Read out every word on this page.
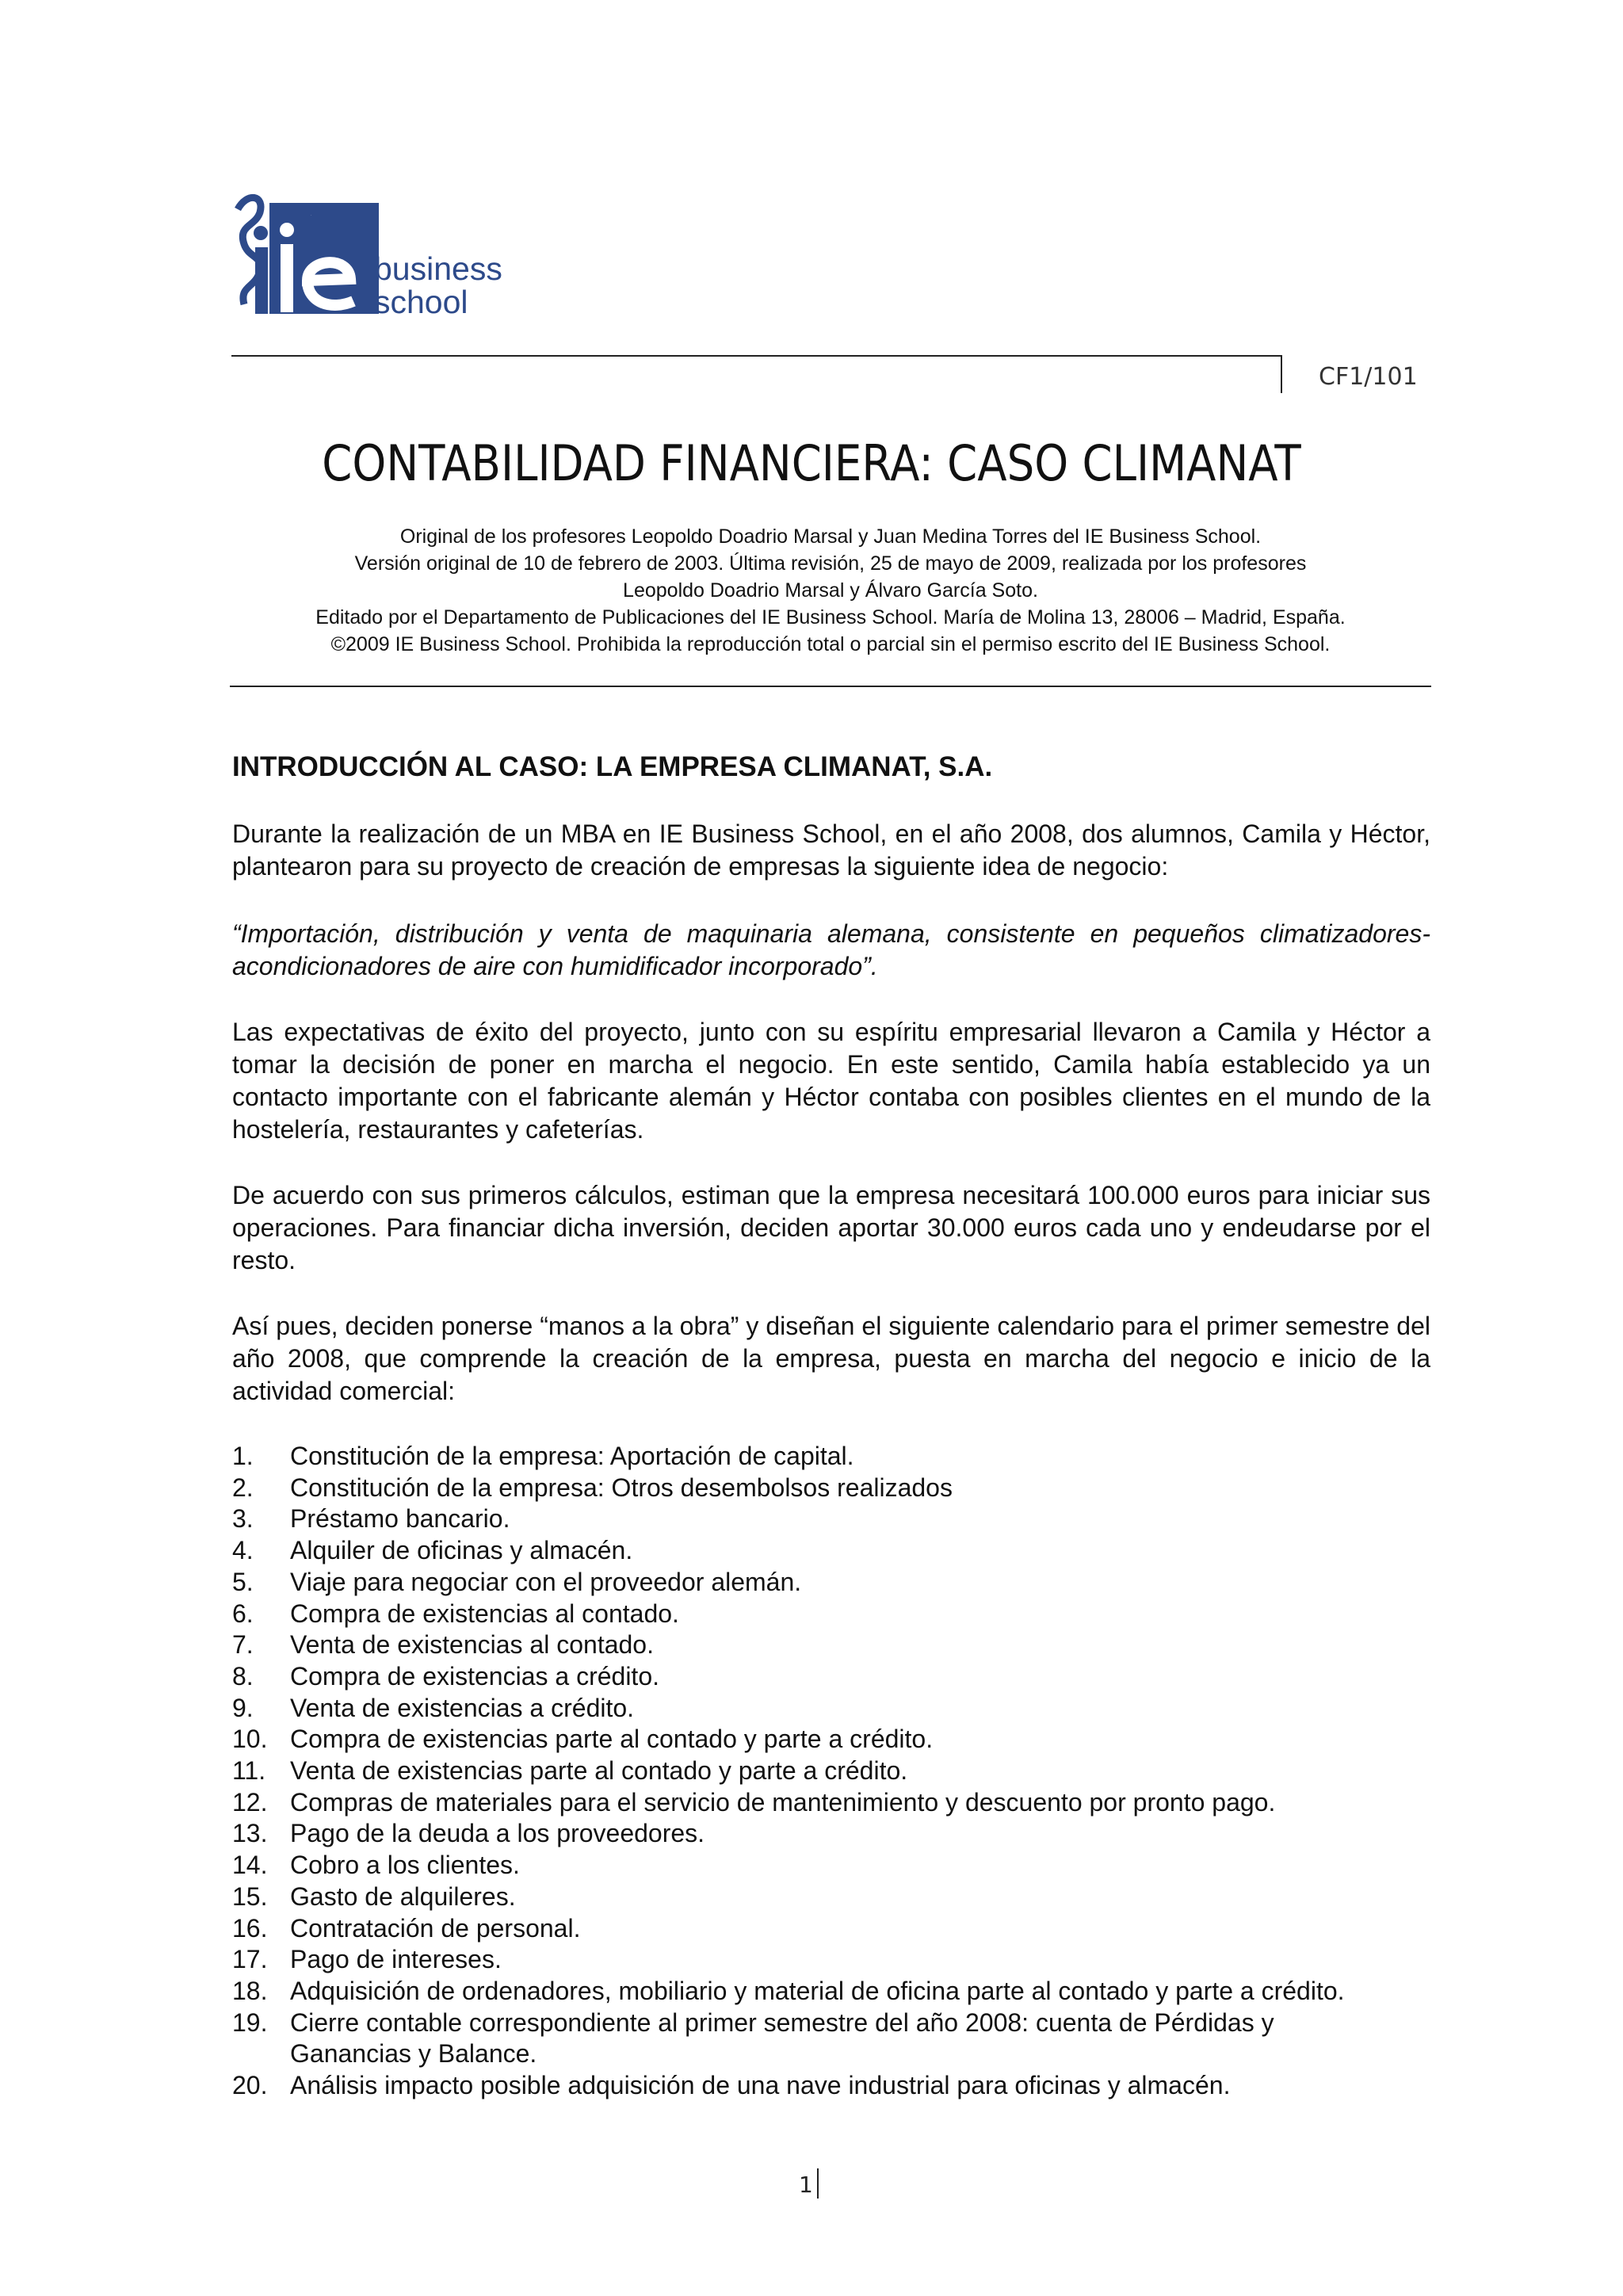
ie
business
school
CF1/101
CONTABILIDAD FINANCIERA: CASO CLIMANAT
Original de los profesores Leopoldo Doadrio Marsal y Juan Medina Torres del IE Business School.
Versión original de 10 de febrero de 2003. Última revisión, 25 de mayo de 2009, realizada por los profesores
Leopoldo Doadrio Marsal y Álvaro García Soto.
Editado por el Departamento de Publicaciones del IE Business School. María de Molina 13, 28006 – Madrid, España.
©2009 IE Business School. Prohibida la reproducción total o parcial sin el permiso escrito del IE Business School.
INTRODUCCIÓN AL CASO: LA EMPRESA CLIMANAT, S.A.
Durante la realización de un MBA en IE Business School, en el año 2008, dos alumnos, Camila y Héctor, plantearon para su proyecto de creación de empresas la siguiente idea de negocio:
“Importación, distribución y venta de maquinaria alemana, consistente en pequeños climatizadores-acondicionadores de aire con humidificador incorporado”.
Las expectativas de éxito del proyecto, junto con su espíritu empresarial llevaron a Camila y Héctor a tomar la decisión de poner en marcha el negocio. En este sentido, Camila había establecido ya un contacto importante con el fabricante alemán y Héctor contaba con posibles clientes en el mundo de la hostelería, restaurantes y cafeterías.
De acuerdo con sus primeros cálculos, estiman que la empresa necesitará 100.000 euros para iniciar sus operaciones. Para financiar dicha inversión, deciden aportar 30.000 euros cada uno y endeudarse por el resto.
Así pues, deciden ponerse “manos a la obra” y diseñan el siguiente calendario para el primer semestre del año 2008, que comprende la creación de la empresa, puesta en marcha del negocio e inicio de la actividad comercial:
1. Constitución de la empresa: Aportación de capital.
2. Constitución de la empresa: Otros desembolsos realizados
3. Préstamo bancario.
4. Alquiler de oficinas y almacén.
5. Viaje para negociar con el proveedor alemán.
6. Compra de existencias al contado.
7. Venta de existencias al contado.
8. Compra de existencias a crédito.
9. Venta de existencias a crédito.
10. Compra de existencias parte al contado y parte a crédito.
11. Venta de existencias parte al contado y parte a crédito.
12. Compras de materiales para el servicio de mantenimiento y descuento por pronto pago.
13. Pago de la deuda a los proveedores.
14. Cobro a los clientes.
15. Gasto de alquileres.
16. Contratación de personal.
17. Pago de intereses.
18. Adquisición de ordenadores, mobiliario y material de oficina parte al contado y parte a crédito.
19. Cierre contable correspondiente al primer semestre del año 2008: cuenta de Pérdidas y Ganancias y Balance.
20. Análisis impacto posible adquisición de una nave industrial para oficinas y almacén.
1
